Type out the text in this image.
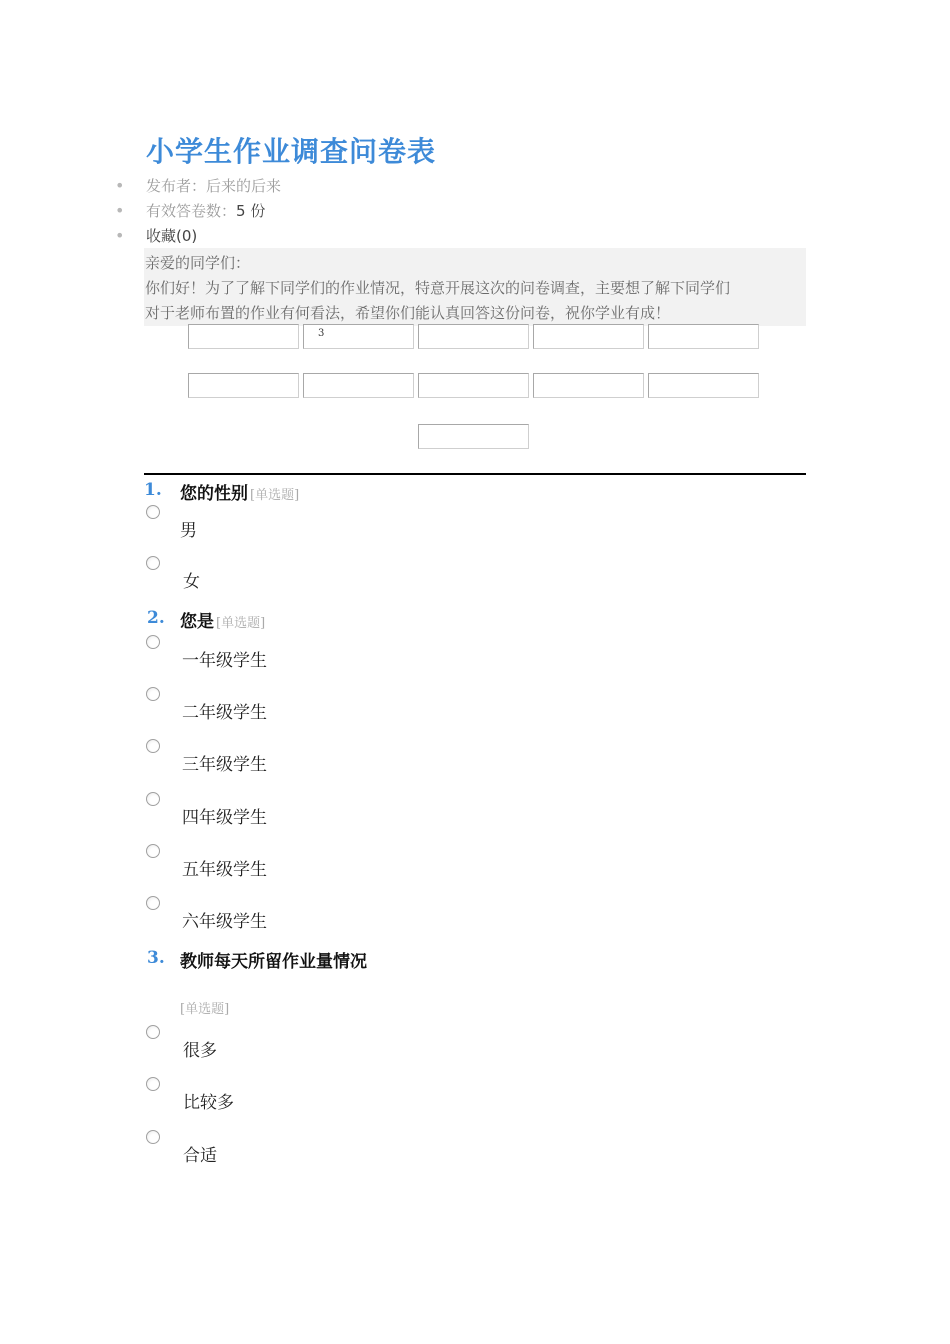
小学生作业调查问卷表
• 发布者：后来的后来
• 有效答卷数：5 份
• 收藏(0)

亲爱的同学们：

你们好！为了了解下同学们的作业情况，特意开展这次的问卷调查，主要想了解下同学们

对于老师布置的作业有何看法，希望你们能认真回答这份问卷，祝你学业有成！

3
1. 您的性别 [单选题]
男
女
2. 您是 [单选题]
一年级学生
二年级学生
三年级学生
四年级学生
五年级学生
六年级学生
3. 教师每天所留作业量情况
[单选题]
很多
比较多
合适
